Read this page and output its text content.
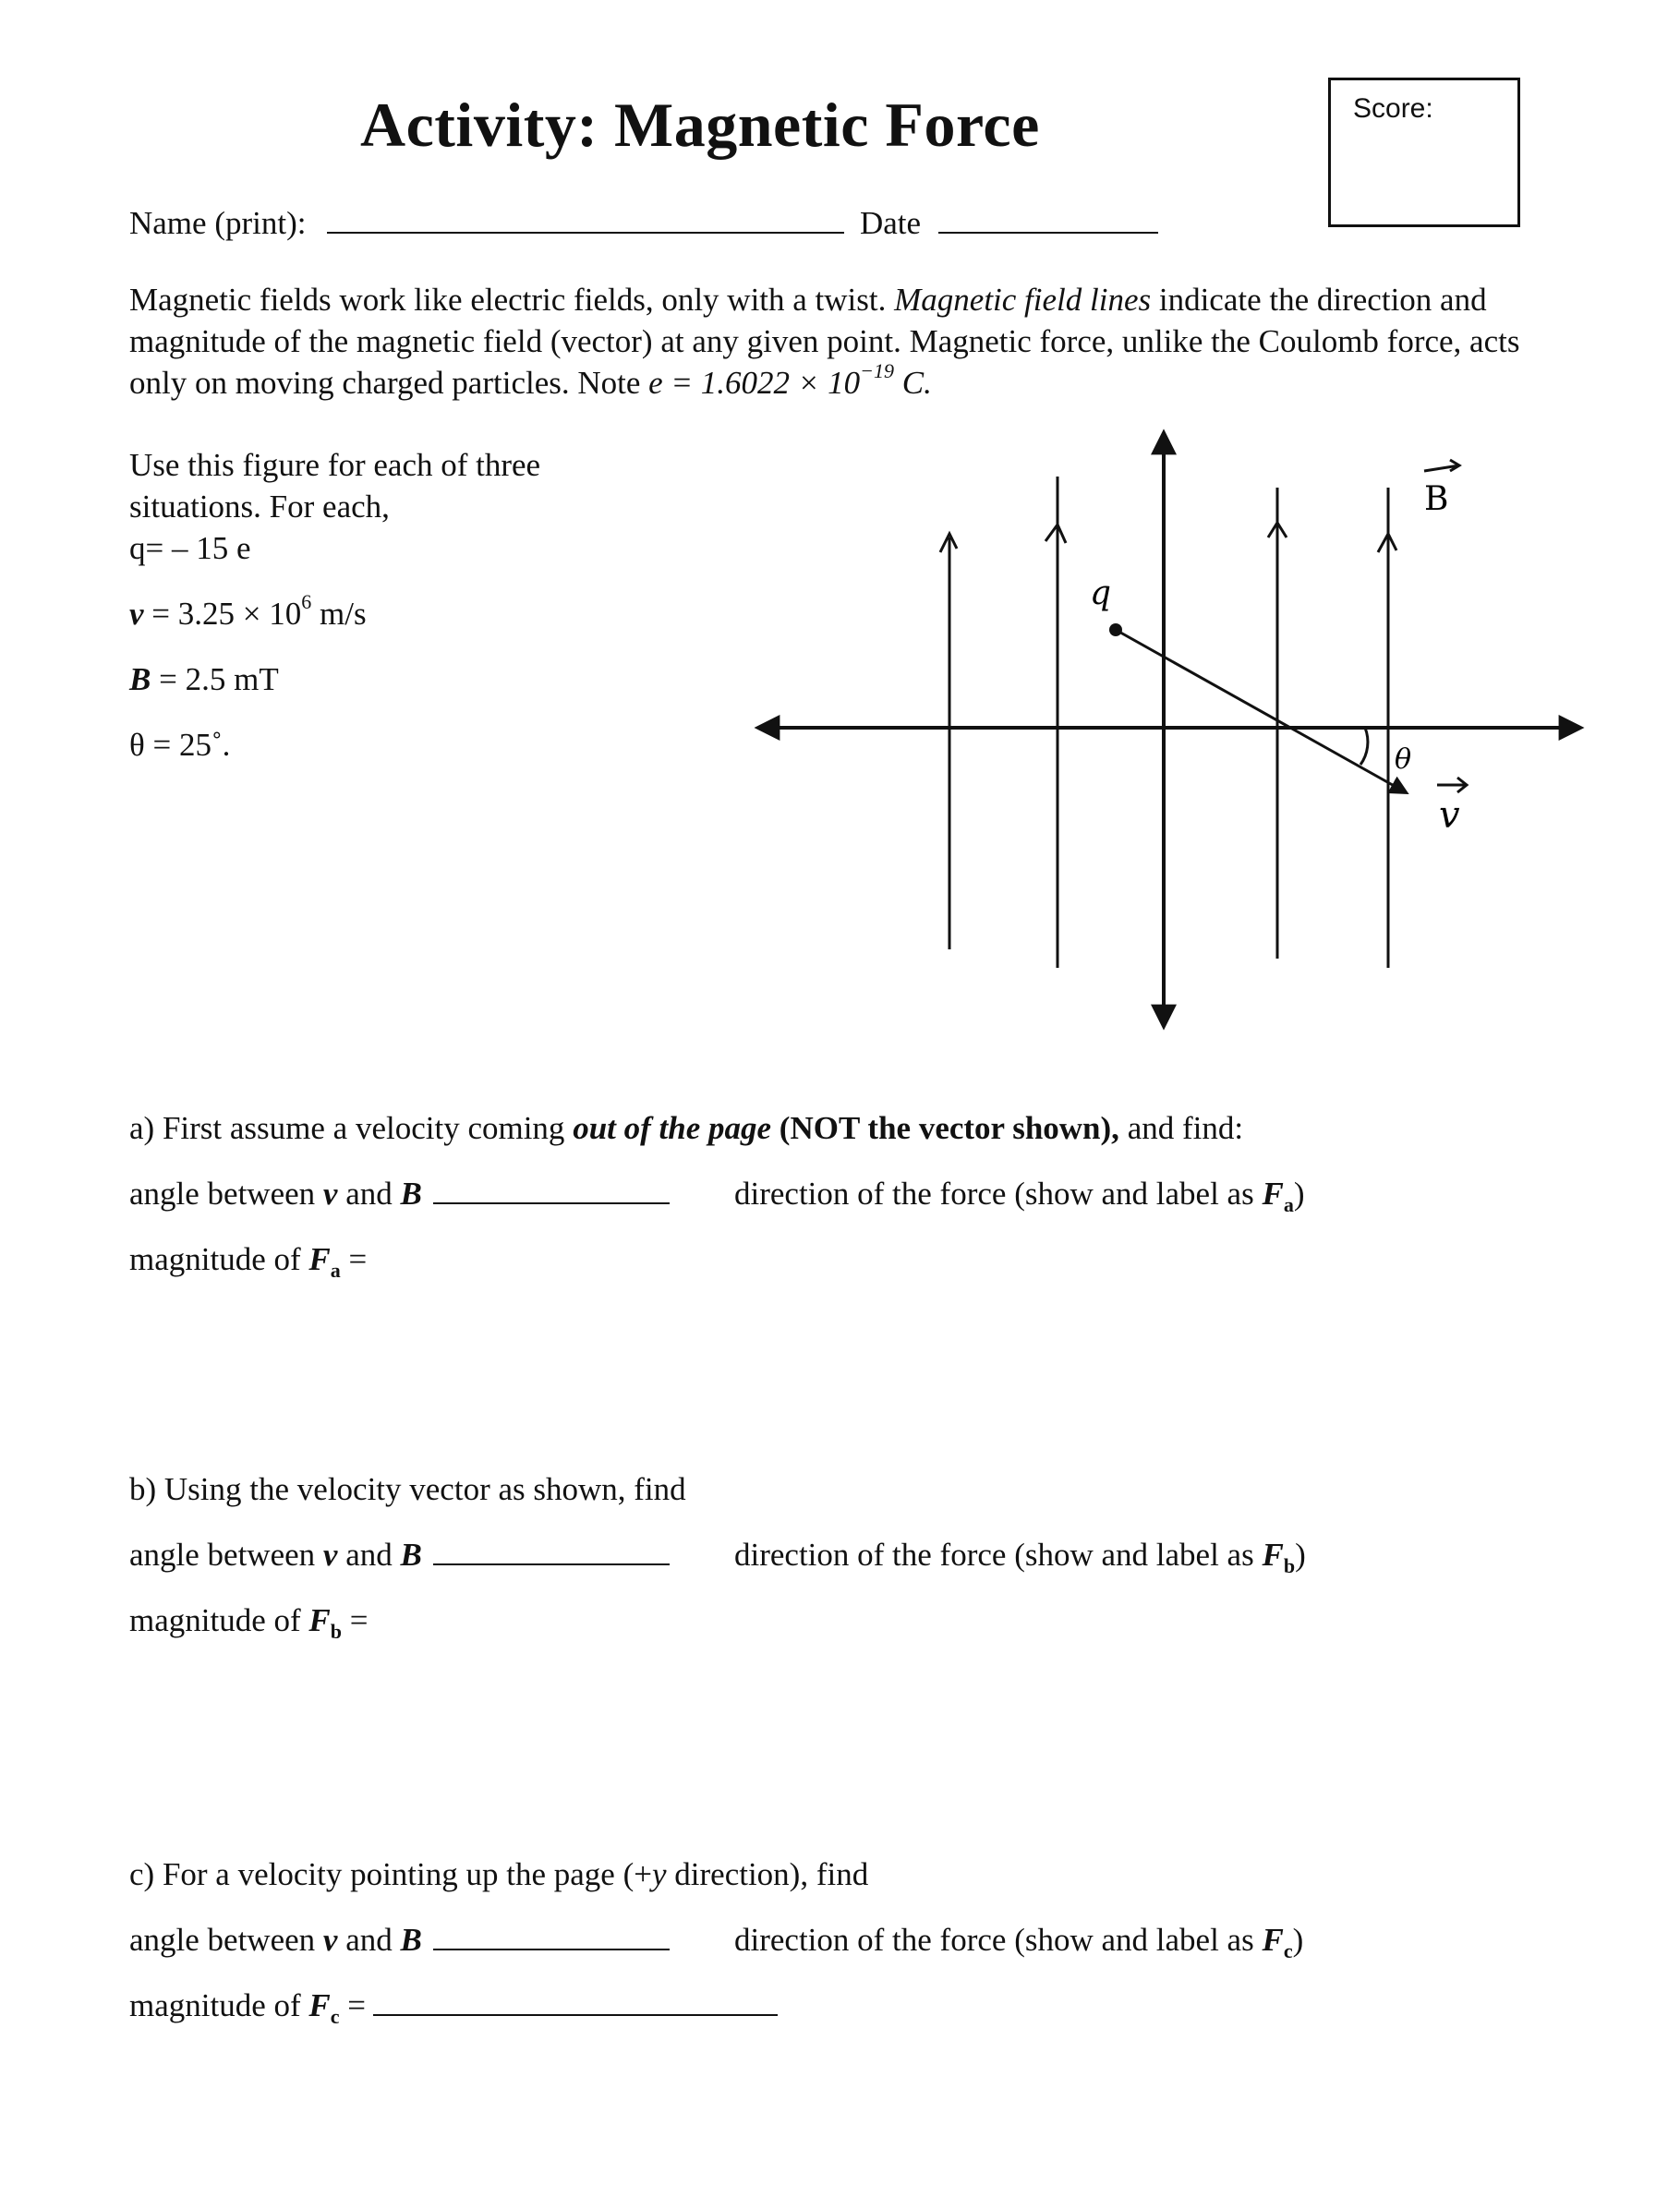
Activity: Magnetic Force	Score:
Name (print):	Date
Magnetic fields work like electric fields, only with a twist. Magnetic field lines indicate the direction and magnitude of the magnetic field (vector) at any given point. Magnetic force, unlike the Coulomb force, acts only on moving charged particles. Note $e = 1.6022 \times 10^{-19}$ C.
Use this figure for each of three
situations. For each,
q= – 15 e
$v = 3.25 \times 10^6$ m/s
B = 2.5 mT
θ = 25˚.
q
B
θ
v
a) First assume a velocity coming out of the page (NOT the vector shown), and find:
angle between v and B	direction of the force (show and label as $F_a$)
magnitude of $F_a$ =
b) Using the velocity vector as shown, find
angle between v and B	direction of the force (show and label as $F_b$)
magnitude of $F_b$ =
c) For a velocity pointing up the page (+y direction), find
angle between v and B	direction of the force (show and label as $F_c$)
magnitude of $F_c$ =
